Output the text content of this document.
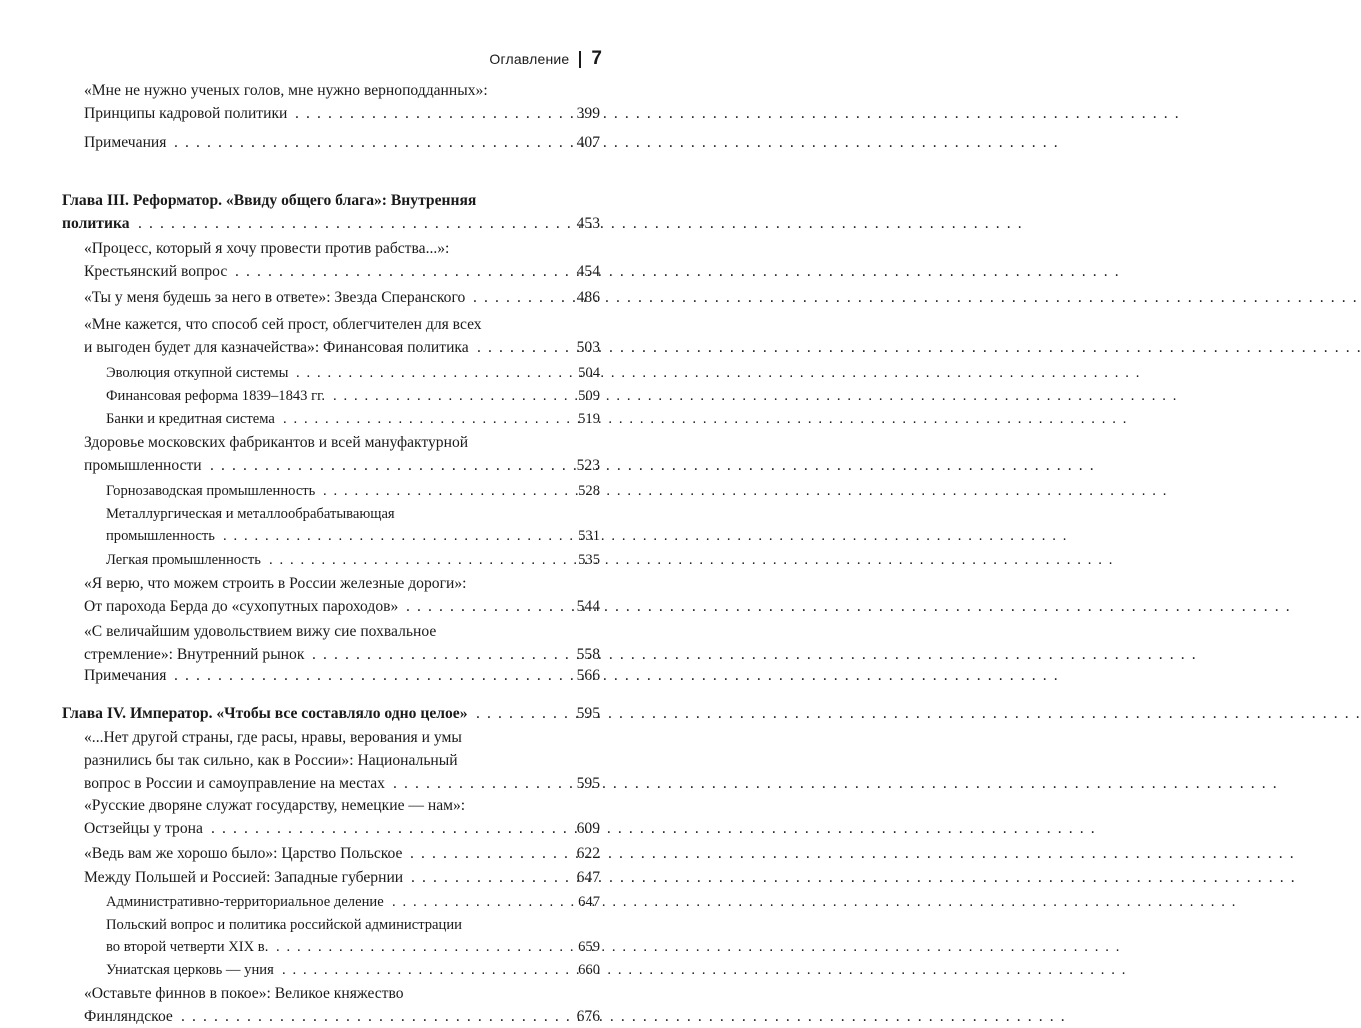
Оглавление 7
«Мне не нужно ученых голов, мне нужно верноподданных»:
Принципы кадровой политики . . .	399
Примечания . . .	407
Глава III. Реформатор. «Ввиду общего блага»: Внутренняя
политика . . .	453
«Процесс, который я хочу провести против рабства...»:
Крестьянский вопрос . . .	454
«Ты у меня будешь за него в ответе»: Звезда Сперанского . . .	486
«Мне кажется, что способ сей прост, облегчителен для всех
и выгоден будет для казначейства»: Финансовая политика . . .	503
Эволюция откупной системы . . .	504
Финансовая реформа 1839–1843 гг. . . .	509
Банки и кредитная система . . .	519
Здоровье московских фабрикантов и всей мануфактурной
промышленности . . .	523
Горнозаводская промышленность . . .	528
Металлургическая и металлообрабатывающая
промышленность . . .	531
Легкая промышленность . . .	535
«Я верю, что можем строить в России железные дороги»:
От парохода Берда до «сухопутных пароходов» . . .	544
«С величайшим удовольствием вижу сие похвальное
стремление»: Внутренний рынок . . .	558
Примечания . . .	566
Глава IV. Император. «Чтобы все составляло одно целое» . . .	595
«...Нет другой страны, где расы, нравы, верования и умы
разнились бы так сильно, как в России»: Национальный
вопрос в России и самоуправление на местах . . .	595
«Русские дворяне служат государству, немецкие — нам»:
Остзейцы у трона . . .	609
«Ведь вам же хорошо было»: Царство Польское . . .	622
Между Польшей и Россией: Западные губернии . . .	647
Административно-территориальное деление . . .	647
Польский вопрос и политика российской администрации
во второй четверти XIX в. . . .	659
Униатская церковь — уния . . .	660
«Оставьте финнов в покое»: Великое княжество
Финляндское . . .	676
